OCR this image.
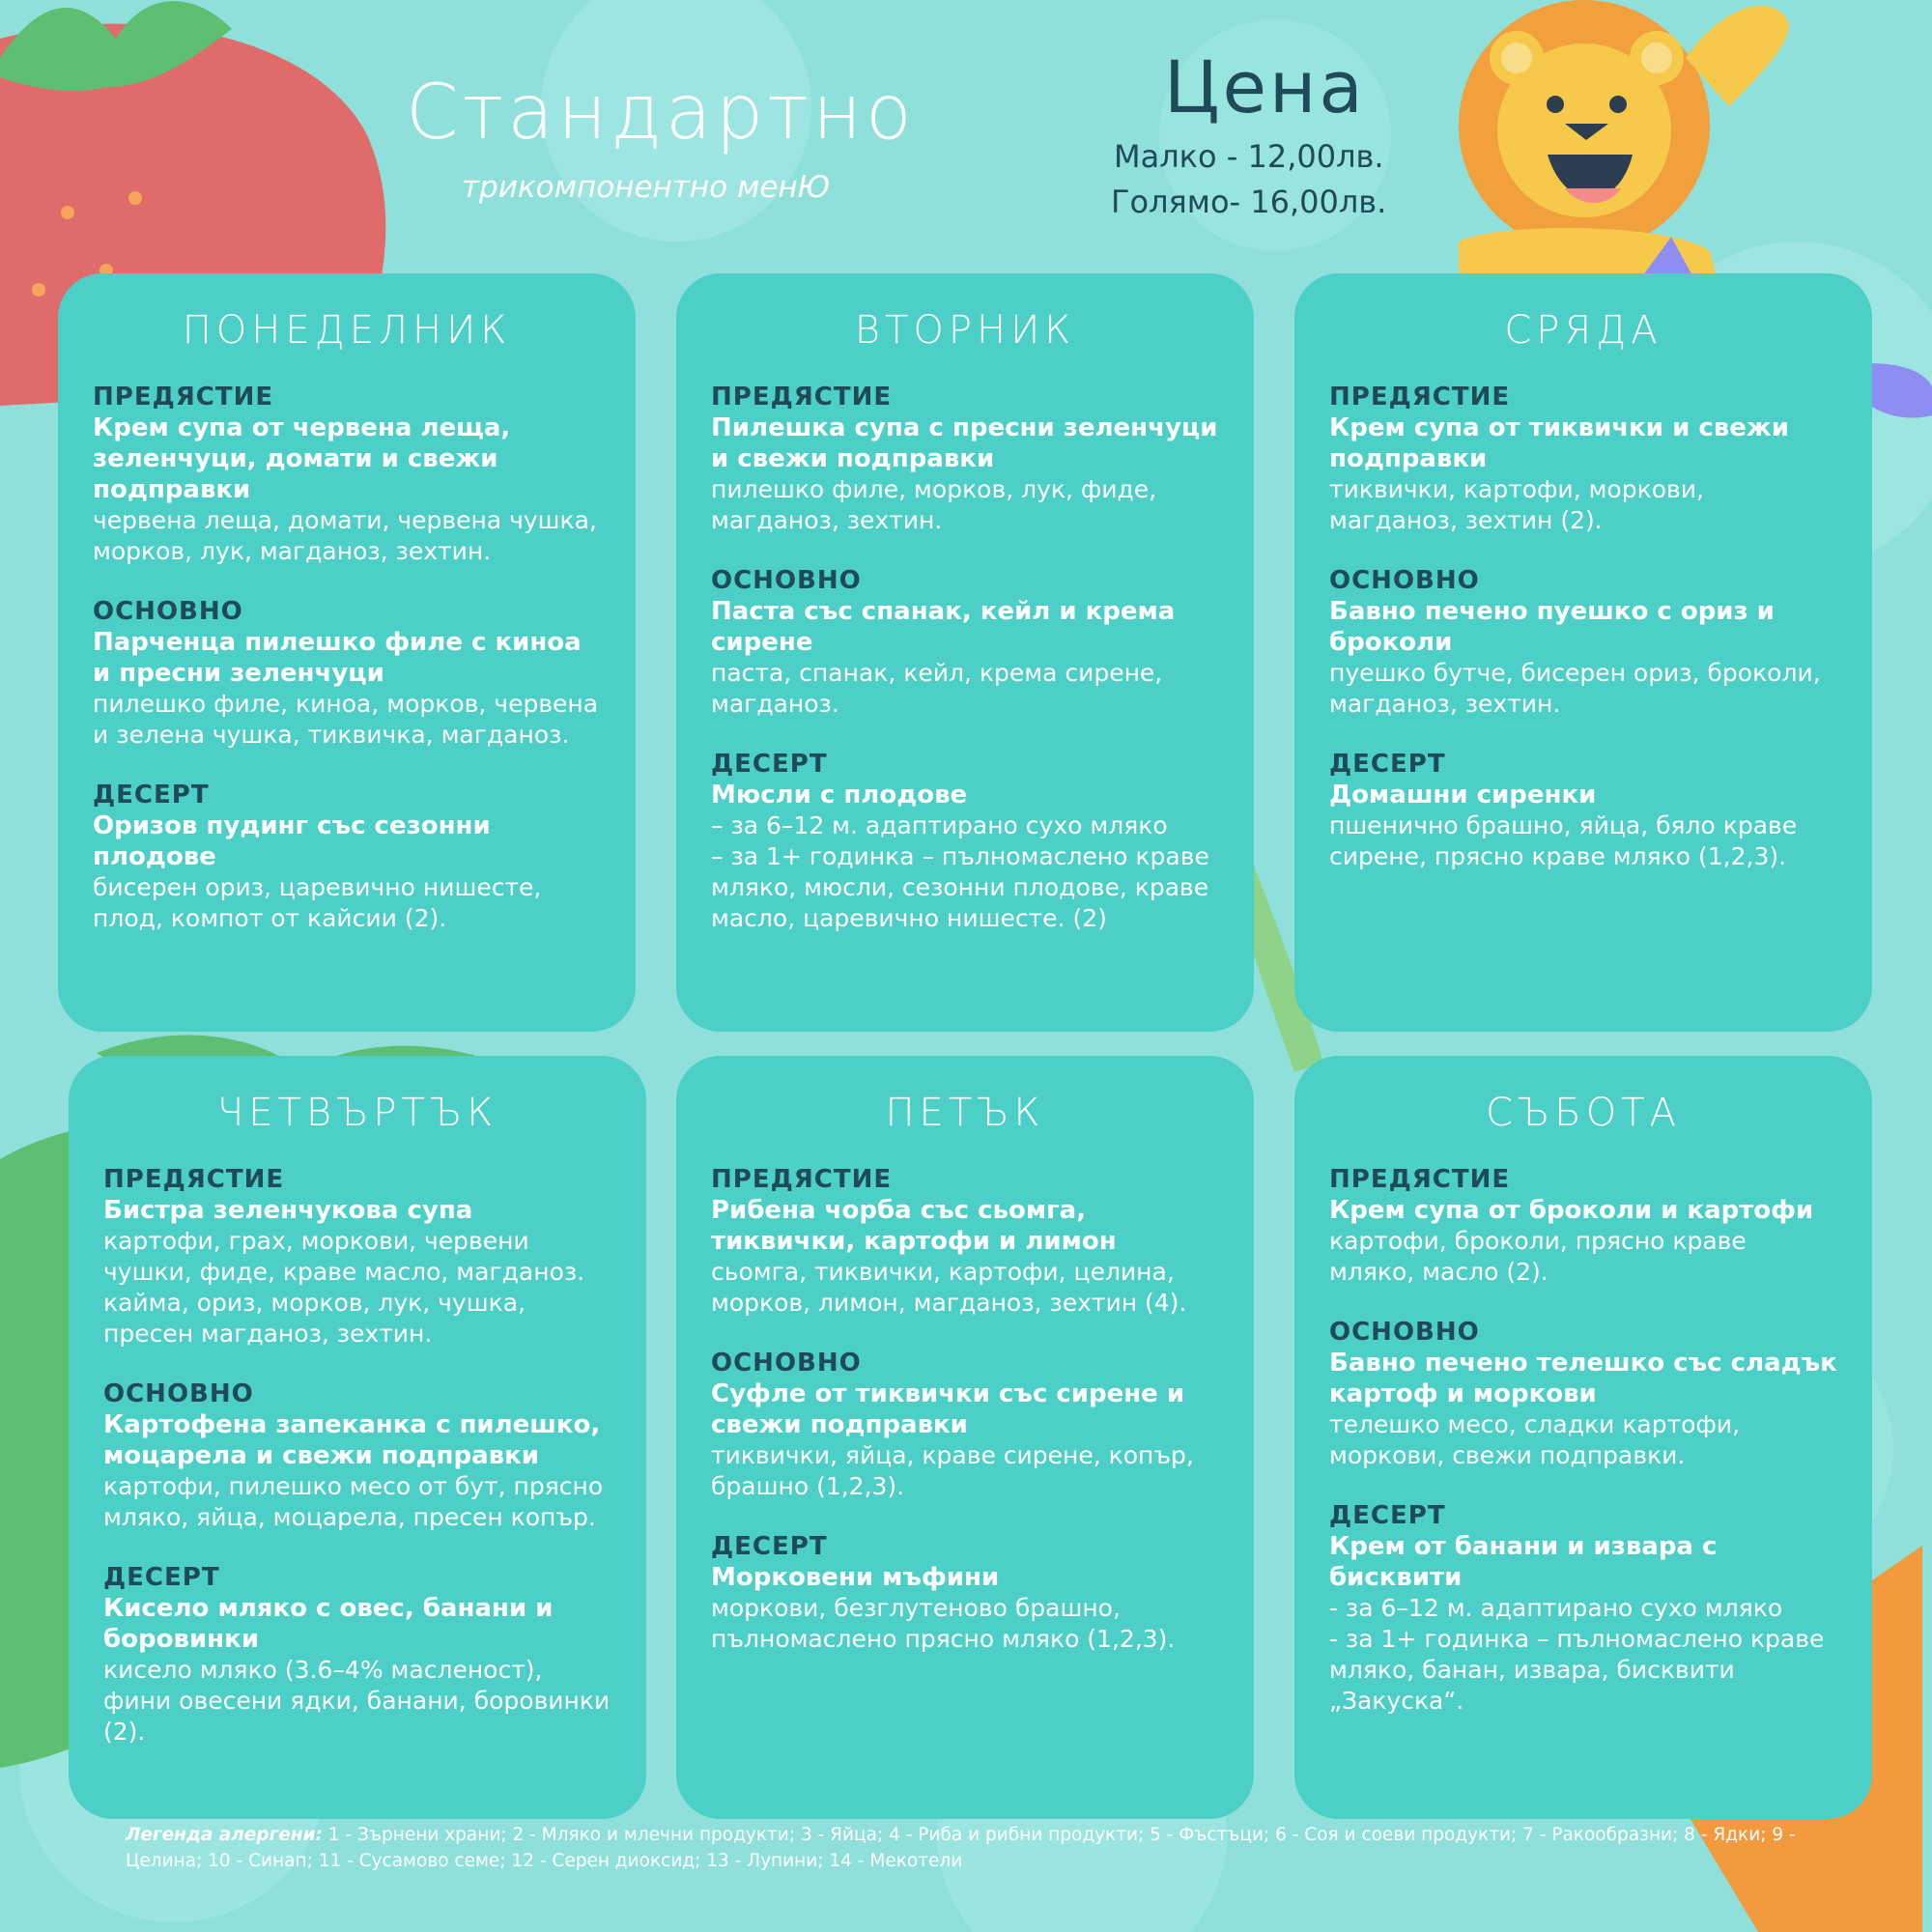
Стандартно
трикомпонентно менЮ
Цена
Малко - 12,00лв.
Голямо- 16,00лв.
ПОНЕДЕЛНИК
ПРЕДЯСТИЕ
Крем супа от червена леща, зеленчуци, домати и свежи подправки
червена леща, домати, червена чушка, морков, лук, магданоз, зехтин.
ОСНОВНО
Парченца пилешко филе с киноа и пресни зеленчуци
пилешко филе, киноа, морков, червена и зелена чушка, тиквичка, магданоз.
ДЕСЕРТ
Оризов пудинг със сезонни плодове
бисерен ориз, царевично нишесте, плод, компот от кайсии (2).
ВТОРНИК
ПРЕДЯСТИЕ
Пилешка супа с пресни зеленчуци и свежи подправки
пилешко филе, морков, лук, фиде, магданоз, зехтин.
ОСНОВНО
Паста със спанак, кейл и крема сирене
паста, спанак, кейл, крема сирене, магданоз.
ДЕСЕРТ
Мюсли с плодове
– за 6–12 м. адаптирано сухо мляко
– за 1+ годинка – пълномаслено краве мляко, мюсли, сезонни плодове, краве масло, царевично нишесте. (2)
СРЯДА
ПРЕДЯСТИЕ
Крем супа от тиквички и свежи подправки
тиквички, картофи, моркови, магданоз, зехтин (2).
ОСНОВНО
Бавно печено пуешко с ориз и броколи
пуешко бутче, бисерен ориз, броколи, магданоз, зехтин.
ДЕСЕРТ
Домашни сиренки
пшенично брашно, яйца, бяло краве сирене, прясно краве мляко (1,2,3).
ЧЕТВЪРТЪК
ПРЕДЯСТИЕ
Бистра зеленчукова супа
картофи, грах, моркови, червени чушки, фиде, краве масло, магданоз. кайма, ориз, морков, лук, чушка, пресен магданоз, зехтин.
ОСНОВНО
Картофена запеканка с пилешко, моцарела и свежи подправки
картофи, пилешко месо от бут, прясно мляко, яйца, моцарела, пресен копър.
ДЕСЕРТ
Кисело мляко с овес, банани и боровинки
кисело мляко (3.6–4% масленост), фини овесени ядки, банани, боровинки (2).
ПЕТЪК
ПРЕДЯСТИЕ
Рибена чорба със сьомга, тиквички, картофи и лимон
сьомга, тиквички, картофи, целина, морков, лимон, магданоз, зехтин (4).
ОСНОВНО
Суфле от тиквички със сирене и свежи подправки
тиквички, яйца, краве сирене, копър, брашно (1,2,3).
ДЕСЕРТ
Морковени мъфини
моркови, безглутеново брашно, пълномаслено прясно мляко (1,2,3).
СЪБОТА
ПРЕДЯСТИЕ
Крем супа от броколи и картофи
картофи, броколи, прясно краве мляко, масло (2).
ОСНОВНО
Бавно печено телешко със сладък картоф и моркови
телешко месо, сладки картофи, моркови, свежи подправки.
ДЕСЕРТ
Крем от банани и извара с бисквити
- за 6–12 м. адаптирано сухо мляко
- за 1+ годинка – пълномаслено краве мляко, банан, извара, бисквити „Закуска“.
Легенда алергени: 1 - Зърнени храни; 2 - Мляко и млечни продукти; 3 - Яйца; 4 - Риба и рибни продукти; 5 - Фъстъци; 6 - Соя и соеви продукти; 7 - Ракообразни; 8 - Ядки; 9 - Целина; 10 - Синап; 11 - Сусамово семе; 12 - Серен диоксид; 13 - Лупини; 14 - Мекотели
